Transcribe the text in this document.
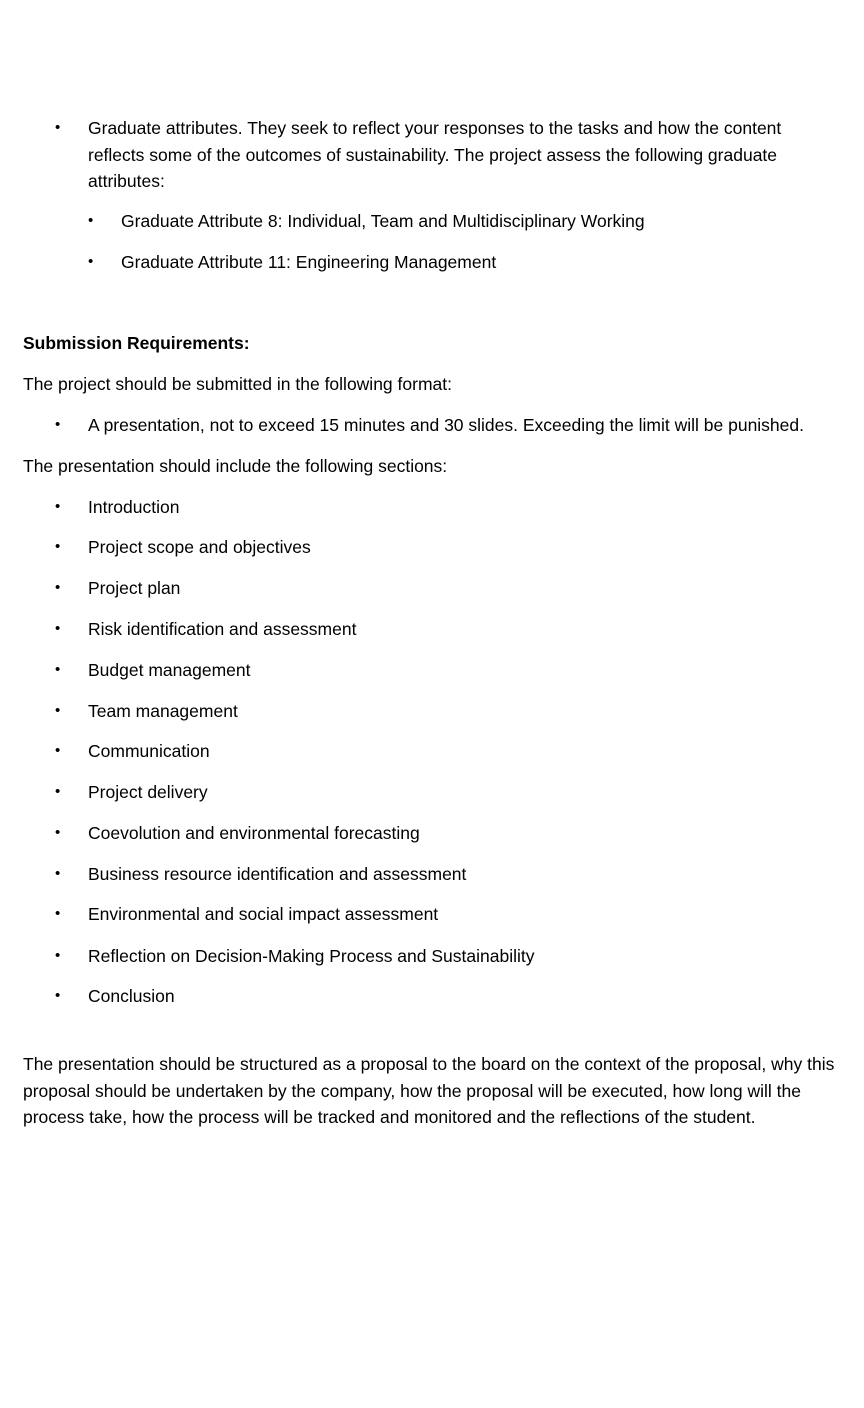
• Graduate attributes. They seek to reflect your responses to the tasks and how the content reflects some of the outcomes of sustainability. The project assess the following graduate attributes:
• Graduate Attribute 8: Individual, Team and Multidisciplinary Working
• Graduate Attribute 11: Engineering Management
Submission Requirements:
The project should be submitted in the following format:
• A presentation, not to exceed 15 minutes and 30 slides. Exceeding the limit will be punished.
The presentation should include the following sections:
• Introduction
• Project scope and objectives
• Project plan
• Risk identification and assessment
• Budget management
• Team management
• Communication
• Project delivery
• Coevolution and environmental forecasting
• Business resource identification and assessment
• Environmental and social impact assessment
• Reflection on Decision-Making Process and Sustainability
• Conclusion
The presentation should be structured as a proposal to the board on the context of the proposal, why this proposal should be undertaken by the company, how the proposal will be executed, how long will the process take, how the process will be tracked and monitored and the reflections of the student.
